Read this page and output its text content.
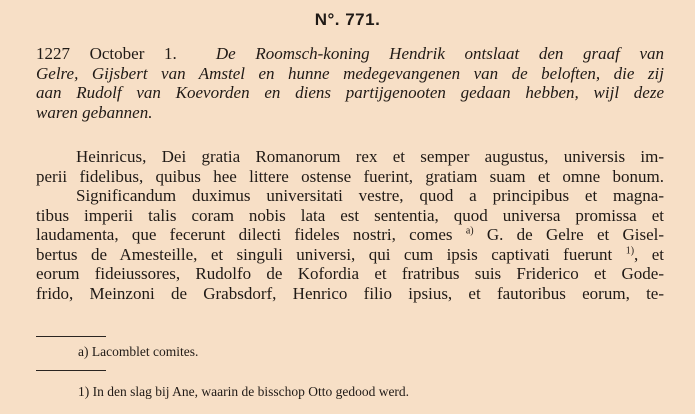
N°. 771.
1227 October 1. De Roomsch-koning Hendrik ontslaat den graaf van
Gelre, Gijsbert van Amstel en hunne medegevangenen van de beloften, die zij
aan Rudolf van Koevorden en diens partijgenooten gedaan hebben, wijl deze
waren gebannen.
Heinricus, Dei gratia Romanorum rex et semper augustus, universis im-
perii fidelibus, quibus hee littere ostense fuerint, gratiam suam et omne bonum.
Significandum duximus universitati vestre, quod a principibus et magna-
tibus imperii talis coram nobis lata est sententia, quod universa promissa et
laudamenta, que fecerunt dilecti fideles nostri, comes $^{a)}$ G. de Gelre et Gisel-
bertus de Amesteille, et singuli universi, qui cum ipsis captivati fuerunt $^{1)}$, et
eorum fideiussores, Rudolfo de Kofordia et fratribus suis Friderico et Gode-
frido, Meinzoni de Grabsdorf, Henrico filio ipsius, et fautoribus eorum, te-
a) Lacomblet comites.
1) In den slag bij Ane, waarin de bisschop Otto gedood werd.
